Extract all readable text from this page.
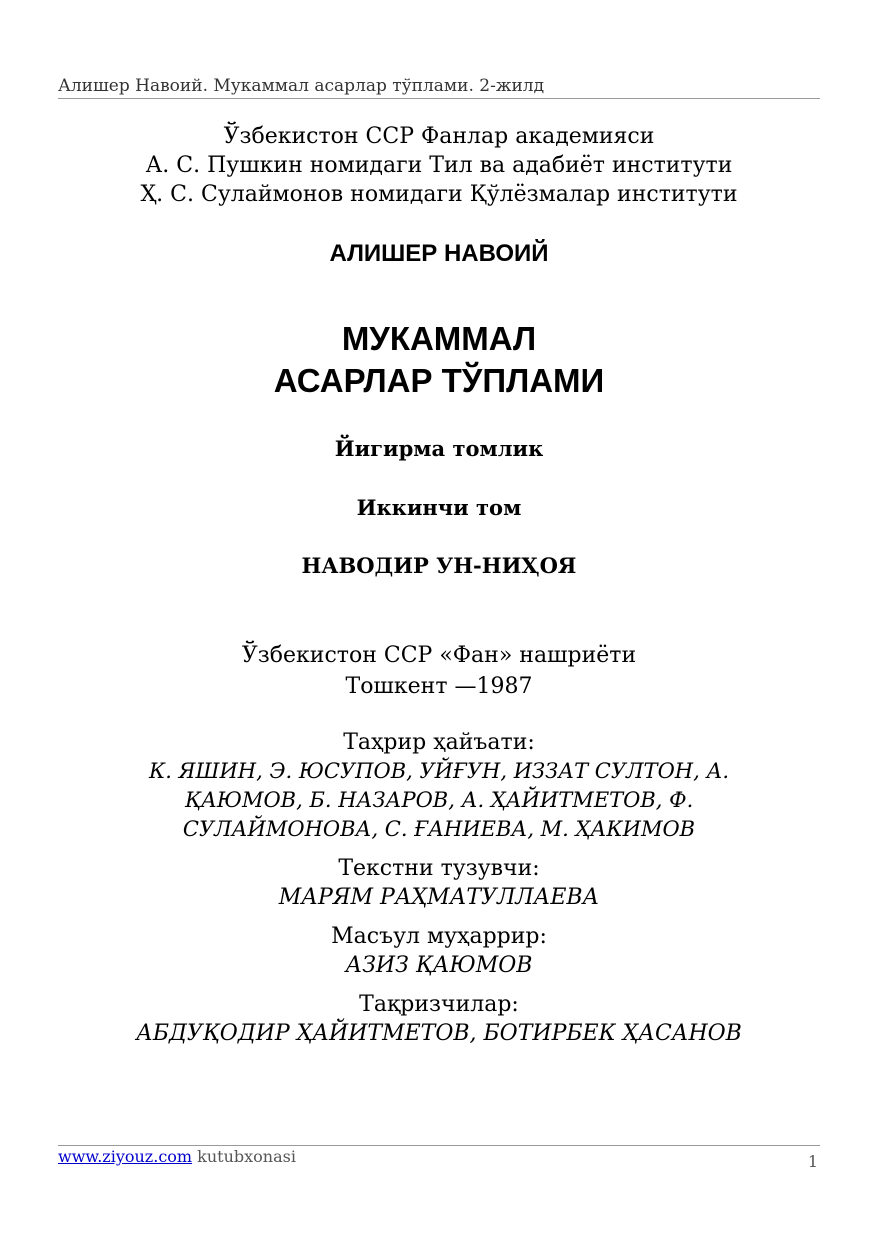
Алишер Навоий. Мукаммал асарлар тўплами. 2-жилд
Ўзбекистон ССР Фанлар академияси
А. С. Пушкин номидаги Тил ва адабиёт институти
Ҳ. С. Сулаймонов номидаги Қўлёзмалар институти
АЛИШЕР НАВОИЙ
МУКАММАЛ
АСАРЛАР ТЎПЛАМИ
Йигирма томлик
Иккинчи том
НАВОДИР УН-НИҲОЯ
Ўзбекистон ССР «Фан» нашриёти
Тошкент —1987
Таҳрир ҳайъати:
К. ЯШИН, Э. ЮСУПОВ, УЙҒУН, ИЗЗАТ СУЛТОН, А. ҚАЮМОВ, Б. НАЗАРОВ, А. ҲАЙИТМЕТОВ, Ф. СУЛАЙМОНОВА, С. ҒАНИЕВА, М. ҲАКИМОВ
Текстни тузувчи:
МАРЯМ РАҲМАТУЛЛАЕВА
Масъул муҳаррир:
АЗИЗ ҚАЮМОВ
Тақризчилар:
АБДУҚОДИР ҲАЙИТМЕТОВ, БОТИРБЕК ҲАСАНОВ
www.ziyouz.com kutubxonasi	1
